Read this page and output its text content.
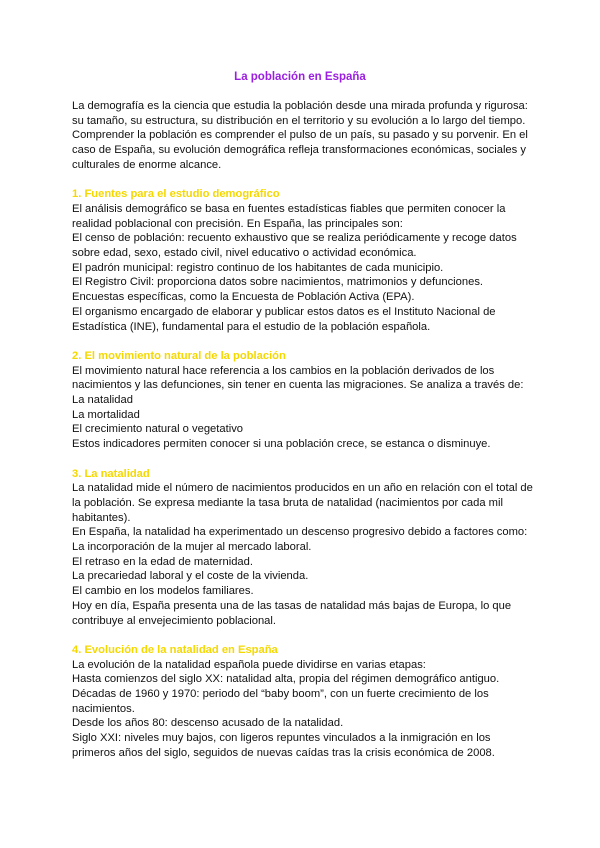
La población en España

La demografía es la ciencia que estudia la población desde una mirada profunda y rigurosa: su tamaño, su estructura, su distribución en el territorio y su evolución a lo largo del tiempo. Comprender la población es comprender el pulso de un país, su pasado y su porvenir. En el caso de España, su evolución demográfica refleja transformaciones económicas, sociales y culturales de enorme alcance.

1. Fuentes para el estudio demográfico

El análisis demográfico se basa en fuentes estadísticas fiables que permiten conocer la realidad poblacional con precisión. En España, las principales son:

El censo de población: recuento exhaustivo que se realiza periódicamente y recoge datos sobre edad, sexo, estado civil, nivel educativo o actividad económica.

El padrón municipal: registro continuo de los habitantes de cada municipio.

El Registro Civil: proporciona datos sobre nacimientos, matrimonios y defunciones.

Encuestas específicas, como la Encuesta de Población Activa (EPA).

El organismo encargado de elaborar y publicar estos datos es el Instituto Nacional de Estadística (INE), fundamental para el estudio de la población española.

2. El movimiento natural de la población

El movimiento natural hace referencia a los cambios en la población derivados de los nacimientos y las defunciones, sin tener en cuenta las migraciones. Se analiza a través de:

La natalidad

La mortalidad

El crecimiento natural o vegetativo

Estos indicadores permiten conocer si una población crece, se estanca o disminuye.

3. La natalidad

La natalidad mide el número de nacimientos producidos en un año en relación con el total de la población. Se expresa mediante la tasa bruta de natalidad (nacimientos por cada mil habitantes).

En España, la natalidad ha experimentado un descenso progresivo debido a factores como:

La incorporación de la mujer al mercado laboral.

El retraso en la edad de maternidad.

La precariedad laboral y el coste de la vivienda.

El cambio en los modelos familiares.

Hoy en día, España presenta una de las tasas de natalidad más bajas de Europa, lo que contribuye al envejecimiento poblacional.

4. Evolución de la natalidad en España

La evolución de la natalidad española puede dividirse en varias etapas:

Hasta comienzos del siglo XX: natalidad alta, propia del régimen demográfico antiguo.

Décadas de 1960 y 1970: periodo del “baby boom”, con un fuerte crecimiento de los nacimientos.

Desde los años 80: descenso acusado de la natalidad.

Siglo XXI: niveles muy bajos, con ligeros repuntes vinculados a la inmigración en los primeros años del siglo, seguidos de nuevas caídas tras la crisis económica de 2008.
